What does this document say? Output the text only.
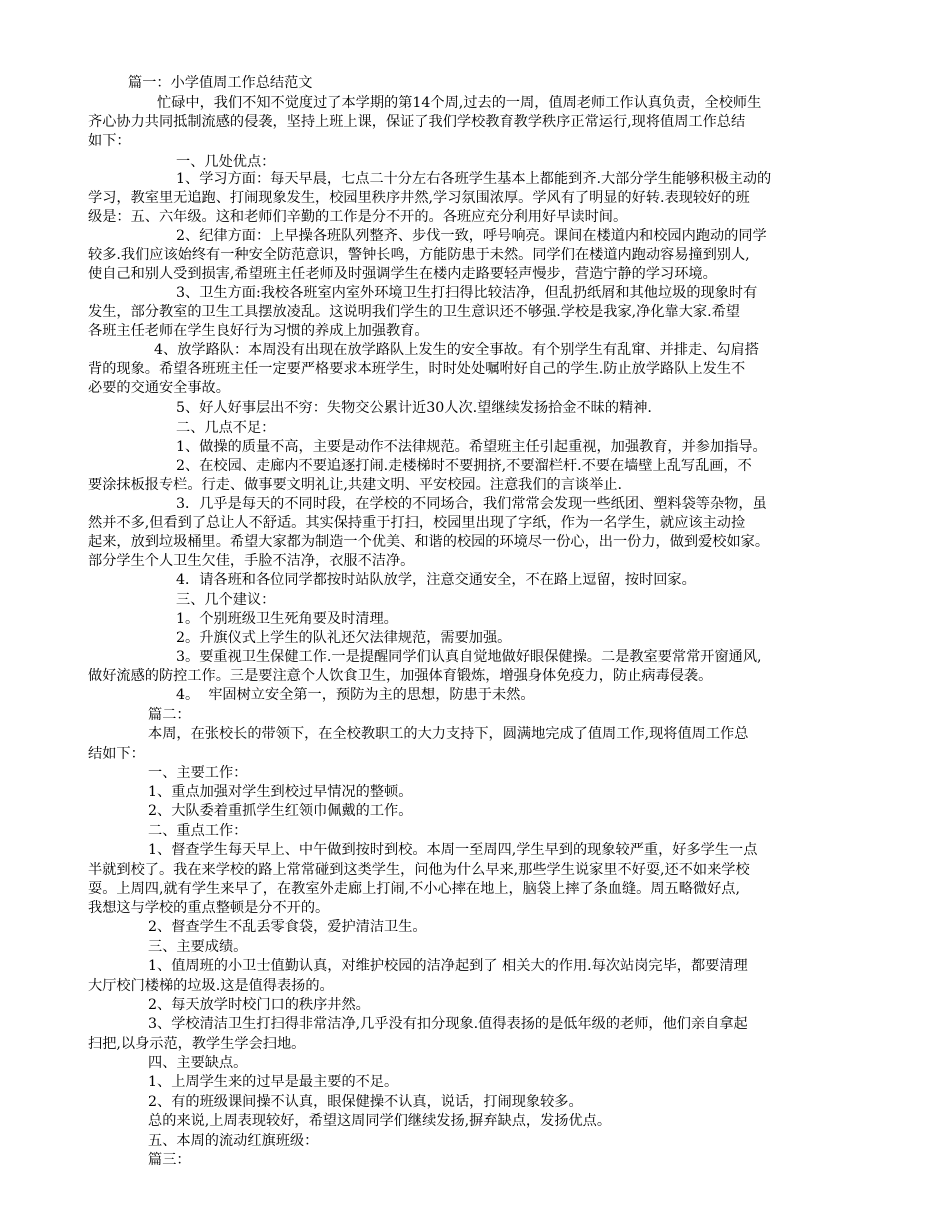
篇一：小学值周工作总结范文
忙碌中，我们不知不觉度过了本学期的第14个周,过去的一周，值周老师工作认真负责，全校师生
齐心协力共同抵制流感的侵袭，坚持上班上课，保证了我们学校教育教学秩序正常运行,现将值周工作总结
如下：
一、几处优点：
1、学习方面：每天早晨，七点二十分左右各班学生基本上都能到齐.大部分学生能够积极主动的
学习，教室里无追跑、打闹现象发生，校园里秩序井然,学习氛围浓厚。学风有了明显的好转.表现较好的班
级是：五、六年级。这和老师们辛勤的工作是分不开的。各班应充分利用好早读时间。
2、纪律方面：上早操各班队列整齐、步伐一致，呼号响亮。课间在楼道内和校园内跑动的同学
较多.我们应该始终有一种安全防范意识，警钟长鸣，方能防患于未然。同学们在楼道内跑动容易撞到别人,
使自己和别人受到损害,希望班主任老师及时强调学生在楼内走路要轻声慢步，营造宁静的学习环境。
3、卫生方面:我校各班室内室外环境卫生打扫得比较洁净，但乱扔纸屑和其他垃圾的现象时有
发生，部分教室的卫生工具摆放凌乱。这说明我们学生的卫生意识还不够强.学校是我家,净化靠大家.希望
各班主任老师在学生良好行为习惯的养成上加强教育。
4、放学路队：本周没有出现在放学路队上发生的安全事故。有个别学生有乱窜、并排走、勾肩搭
背的现象。希望各班班主任一定要严格要求本班学生，时时处处嘱咐好自己的学生.防止放学路队上发生不
必要的交通安全事故。
5、好人好事层出不穷：失物交公累计近30人次.望继续发扬拾金不昧的精神.
二、几点不足：
1、做操的质量不高，主要是动作不法律规范。希望班主任引起重视，加强教育，并参加指导。
2、在校园、走廊内不要追逐打闹.走楼梯时不要拥挤,不要溜栏杆.不要在墙壁上乱写乱画，不
要涂抹板报专栏。行走、做事要文明礼让,共建文明、平安校园。注意我们的言谈举止.
3．几乎是每天的不同时段，在学校的不同场合，我们常常会发现一些纸团、塑料袋等杂物，虽
然并不多,但看到了总让人不舒适。其实保持重于打扫，校园里出现了字纸，作为一名学生，就应该主动捡
起来，放到垃圾桶里。希望大家都为制造一个优美、和谐的校园的环境尽一份心，出一份力，做到爱校如家。
部分学生个人卫生欠佳，手脸不洁净，衣服不洁净。
4．请各班和各位同学都按时站队放学，注意交通安全，不在路上逗留，按时回家。
三、几个建议：
1。个别班级卫生死角要及时清理。
2。升旗仪式上学生的队礼还欠法律规范，需要加强。
3。要重视卫生保健工作.一是提醒同学们认真自觉地做好眼保健操。二是教室要常常开窗通风,
做好流感的防控工作。三是要注意个人饮食卫生，加强体育锻炼，增强身体免疫力，防止病毒侵袭。
4。  牢固树立安全第一，预防为主的思想，防患于未然。
篇二：
本周，在张校长的带领下，在全校教职工的大力支持下，圆满地完成了值周工作,现将值周工作总
结如下：
一、主要工作：
1、重点加强对学生到校过早情况的整顿。
2、大队委着重抓学生红领巾佩戴的工作。
二、重点工作：
1、督查学生每天早上、中午做到按时到校。本周一至周四,学生早到的现象较严重，好多学生一点
半就到校了。我在来学校的路上常常碰到这类学生，问他为什么早来,那些学生说家里不好耍,还不如来学校
耍。上周四,就有学生来早了，在教室外走廊上打闹,不小心摔在地上，脑袋上摔了条血缝。周五略微好点,
我想这与学校的重点整顿是分不开的。
2、督查学生不乱丢零食袋，爱护清洁卫生。
三、主要成绩。
1、值周班的小卫士值勤认真，对维护校园的洁净起到了 相关大的作用.每次站岗完毕，都要清理
大厅校门楼梯的垃圾.这是值得表扬的。
2、每天放学时校门口的秩序井然。
3、学校清洁卫生打扫得非常洁净,几乎没有扣分现象.值得表扬的是低年级的老师，他们亲自拿起
扫把,以身示范，教学生学会扫地。
四、主要缺点。
1、上周学生来的过早是最主要的不足。
2、有的班级课间操不认真，眼保健操不认真，说话，打闹现象较多。
总的来说,上周表现较好，希望这周同学们继续发扬,摒弃缺点，发扬优点。
五、本周的流动红旗班级：
篇三：
